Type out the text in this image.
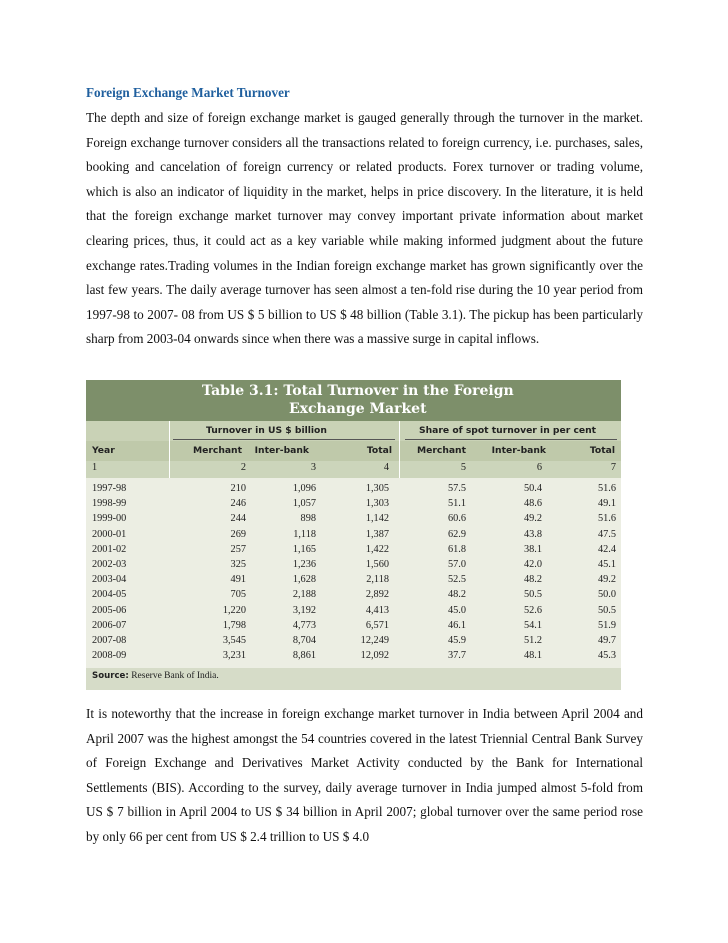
Foreign Exchange Market Turnover

The depth and size of foreign exchange market is gauged generally through the turnover in the market. Foreign exchange turnover considers all the transactions related to foreign currency, i.e. purchases, sales, booking and cancelation of foreign currency or related products. Forex turnover or trading volume, which is also an indicator of liquidity in the market, helps in price discovery. In the literature, it is held that the foreign exchange market turnover may convey important private information about market clearing prices, thus, it could act as a key variable while making informed judgment about the future exchange rates.Trading volumes in the Indian foreign exchange market has grown significantly over the last few years. The daily average turnover has seen almost a ten-fold rise during the 10 year period from 1997-98 to 2007- 08 from US $ 5 billion to US $ 48 billion (Table 3.1). The pickup has been particularly sharp from 2003-04 onwards since when there was a massive surge in capital inflows.

Table 3.1: Total Turnover in the Foreign
Exchange Market
Turnover in US $ billion	Share of spot turnover in per cent
Year	Merchant Inter-bank	Total	Merchant	Inter-bank	Total
1	2	3	4	5	6	7
1997-98	210	1,096	1,305	57.5	50.4	51.6
1998-99	246	1,057	1,303	51.1	48.6	49.1
1999-00	244	898	1,142	60.6	49.2	51.6
2000-01	269	1,118	1,387	62.9	43.8	47.5
2001-02	257	1,165	1,422	61.8	38.1	42.4
2002-03	325	1,236	1,560	57.0	42.0	45.1
2003-04	491	1,628	2,118	52.5	48.2	49.2
2004-05	705	2,188	2,892	48.2	50.5	50.0
2005-06	1,220	3,192	4,413	45.0	52.6	50.5
2006-07	1,798	4,773	6,571	46.1	54.1	51.9
2007-08	3,545	8,704	12,249	45.9	51.2	49.7
2008-09	3,231	8,861	12,092	37.7	48.1	45.3
Source: Reserve Bank of India.

It is noteworthy that the increase in foreign exchange market turnover in India between April 2004 and April 2007 was the highest amongst the 54 countries covered in the latest Triennial Central Bank Survey of Foreign Exchange and Derivatives Market Activity conducted by the Bank for International Settlements (BIS). According to the survey, daily average turnover in India jumped almost 5-fold from US $ 7 billion in April 2004 to US $ 34 billion in April 2007; global turnover over the same period rose by only 66 per cent from US $ 2.4 trillion to US $ 4.0
